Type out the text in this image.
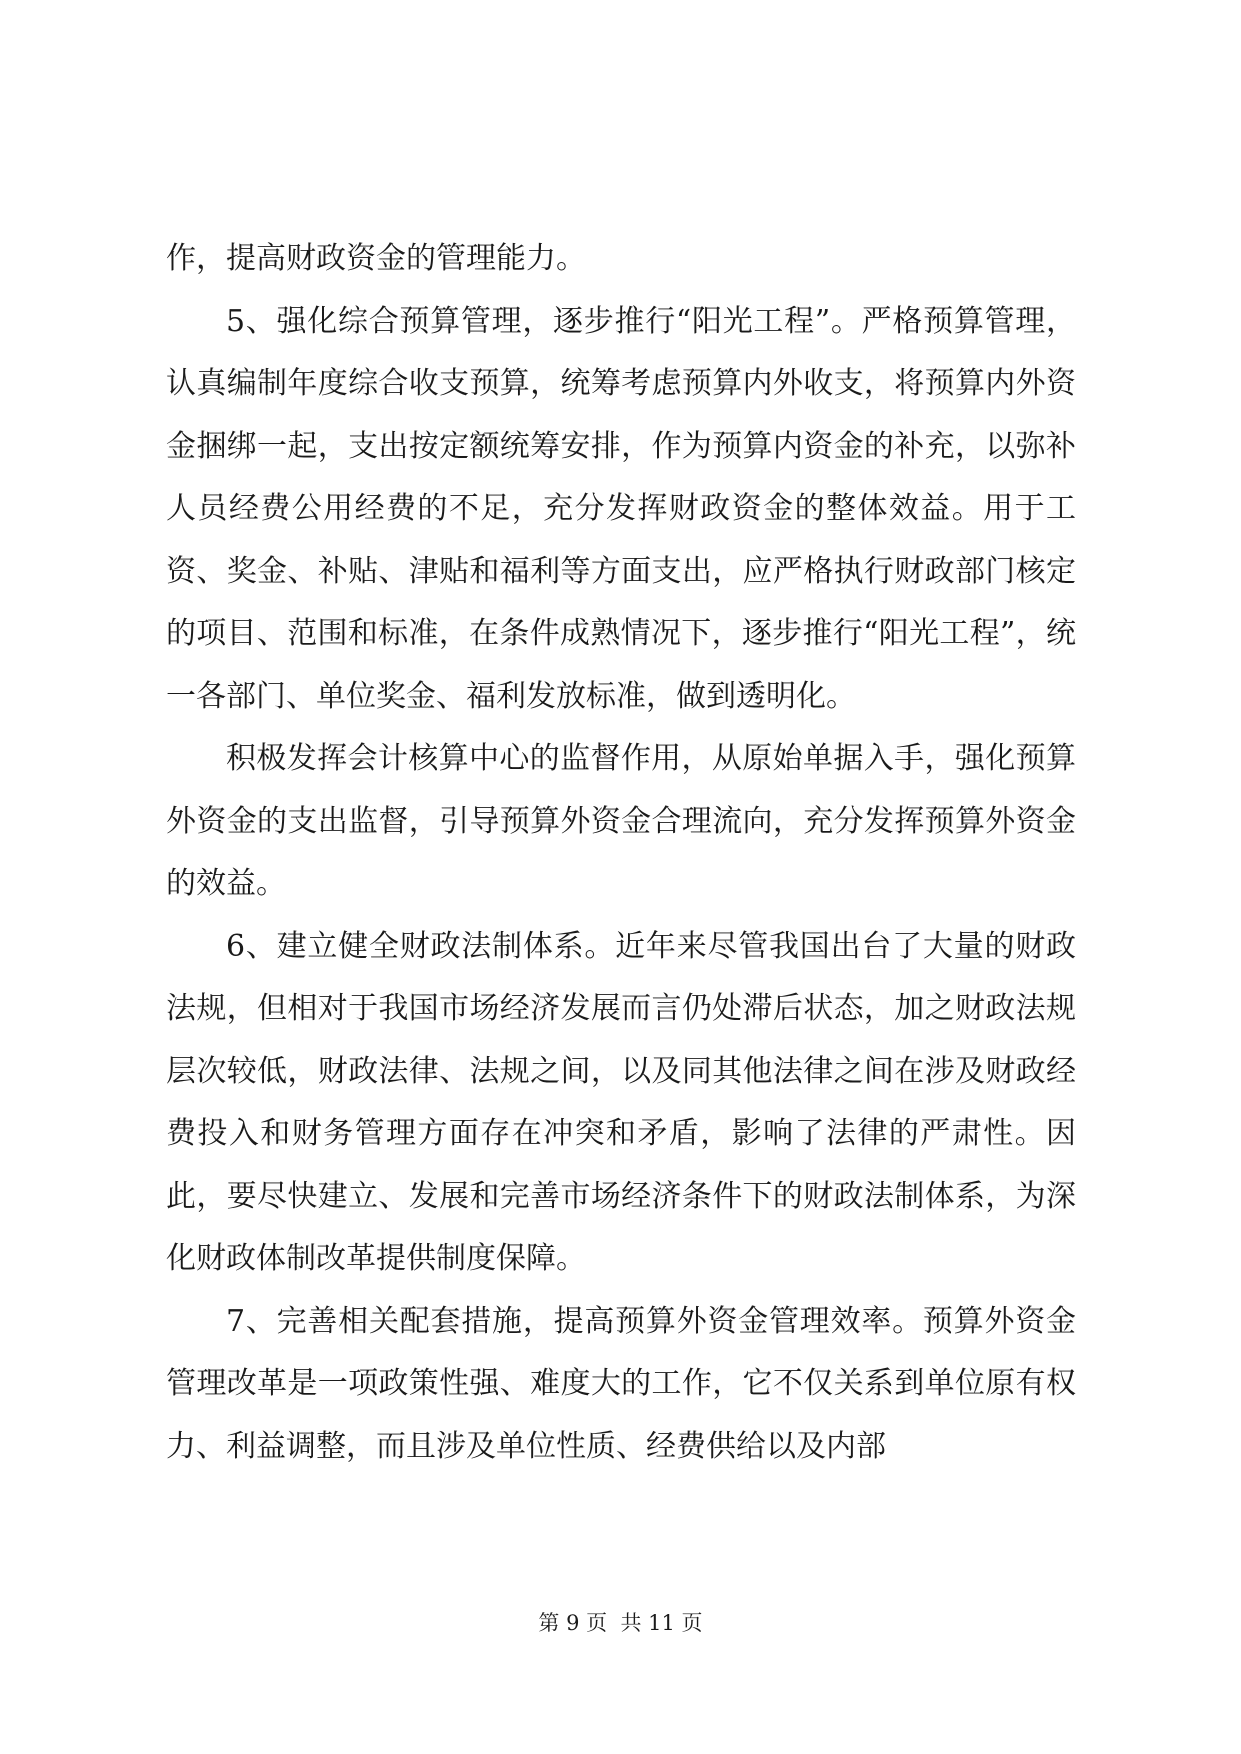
作，提高财政资金的管理能力。

5、强化综合预算管理，逐步推行“阳光工程”。严格预算管理，认真编制年度综合收支预算，统筹考虑预算内外收支，将预算内外资金捆绑一起，支出按定额统筹安排，作为预算内资金的补充，以弥补人员经费公用经费的不足，充分发挥财政资金的整体效益。用于工资、奖金、补贴、津贴和福利等方面支出，应严格执行财政部门核定的项目、范围和标准，在条件成熟情况下，逐步推行“阳光工程”，统一各部门、单位奖金、福利发放标准，做到透明化。

积极发挥会计核算中心的监督作用，从原始单据入手，强化预算外资金的支出监督，引导预算外资金合理流向，充分发挥预算外资金的效益。

6、建立健全财政法制体系。近年来尽管我国出台了大量的财政法规，但相对于我国市场经济发展而言仍处滞后状态，加之财政法规层次较低，财政法律、法规之间，以及同其他法律之间在涉及财政经费投入和财务管理方面存在冲突和矛盾，影响了法律的严肃性。因此，要尽快建立、发展和完善市场经济条件下的财政法制体系，为深化财政体制改革提供制度保障。

7、完善相关配套措施，提高预算外资金管理效率。预算外资金管理改革是一项政策性强、难度大的工作，它不仅关系到单位原有权力、利益调整，而且涉及单位性质、经费供给以及内部

第 9 页  共 11 页
